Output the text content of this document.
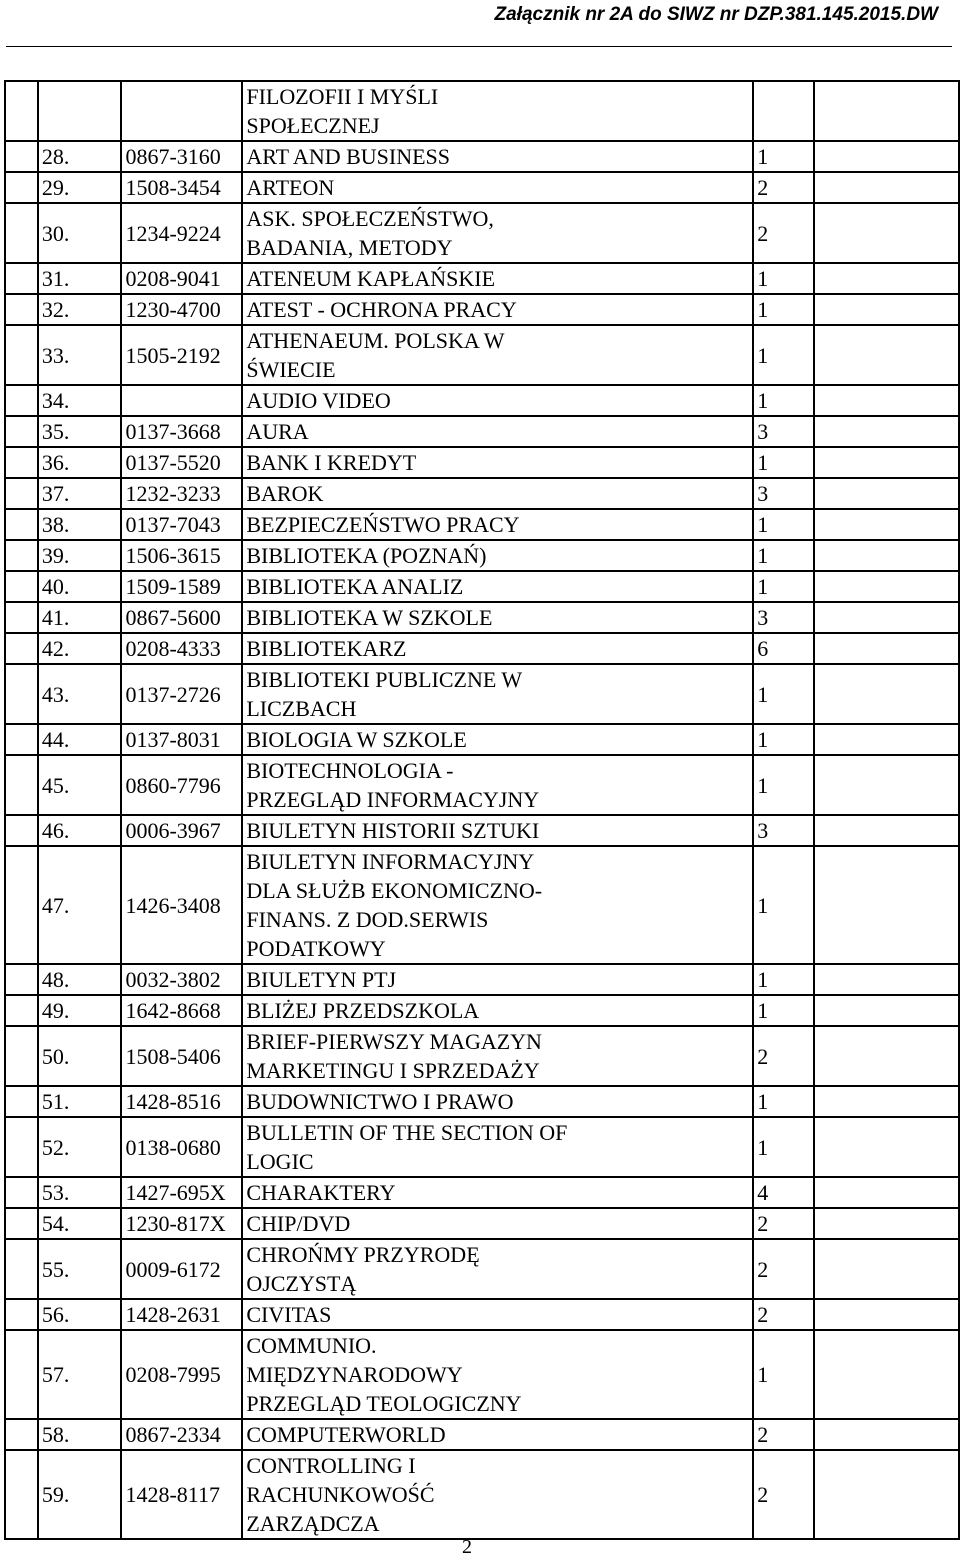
Załącznik nr 2A do SIWZ nr DZP.381.145.2015.DW
			FILOZOFII I MYŚLI
SPOŁECZNEJ		
	28.	0867-3160	ART AND BUSINESS	1	
	29.	1508-3454	ARTEON	2	
	30.	1234-9224	ASK. SPOŁECZEŃSTWO,
BADANIA, METODY	2	
	31.	0208-9041	ATENEUM KAPŁAŃSKIE	1	
	32.	1230-4700	ATEST - OCHRONA PRACY	1	
	33.	1505-2192	ATHENAEUM. POLSKA W
ŚWIECIE	1	
	34.		AUDIO VIDEO	1	
	35.	0137-3668	AURA	3	
	36.	0137-5520	BANK I KREDYT	1	
	37.	1232-3233	BAROK	3	
	38.	0137-7043	BEZPIECZEŃSTWO PRACY	1	
	39.	1506-3615	BIBLIOTEKA (POZNAŃ)	1	
	40.	1509-1589	BIBLIOTEKA ANALIZ	1	
	41.	0867-5600	BIBLIOTEKA W SZKOLE	3	
	42.	0208-4333	BIBLIOTEKARZ	6	
	43.	0137-2726	BIBLIOTEKI PUBLICZNE W
LICZBACH	1	
	44.	0137-8031	BIOLOGIA W SZKOLE	1	
	45.	0860-7796	BIOTECHNOLOGIA -
PRZEGLĄD INFORMACYJNY	1	
	46.	0006-3967	BIULETYN HISTORII SZTUKI	3	
	47.	1426-3408	BIULETYN INFORMACYJNY
DLA SŁUŻB EKONOMICZNO-
FINANS. Z DOD.SERWIS
PODATKOWY	1	
	48.	0032-3802	BIULETYN PTJ	1	
	49.	1642-8668	BLIŻEJ PRZEDSZKOLA	1	
	50.	1508-5406	BRIEF-PIERWSZY MAGAZYN
MARKETINGU I SPRZEDAŻY	2	
	51.	1428-8516	BUDOWNICTWO I PRAWO	1	
	52.	0138-0680	BULLETIN OF THE SECTION OF
LOGIC	1	
	53.	1427-695X	CHARAKTERY	4	
	54.	1230-817X	CHIP/DVD	2	
	55.	0009-6172	CHROŃMY PRZYRODĘ
OJCZYSTĄ	2	
	56.	1428-2631	CIVITAS	2	
	57.	0208-7995	COMMUNIO.
MIĘDZYNARODOWY
PRZEGLĄD TEOLOGICZNY	1	
	58.	0867-2334	COMPUTERWORLD	2	
	59.	1428-8117	CONTROLLING I
RACHUNKOWOŚĆ
ZARZĄDCZA	2	
2
